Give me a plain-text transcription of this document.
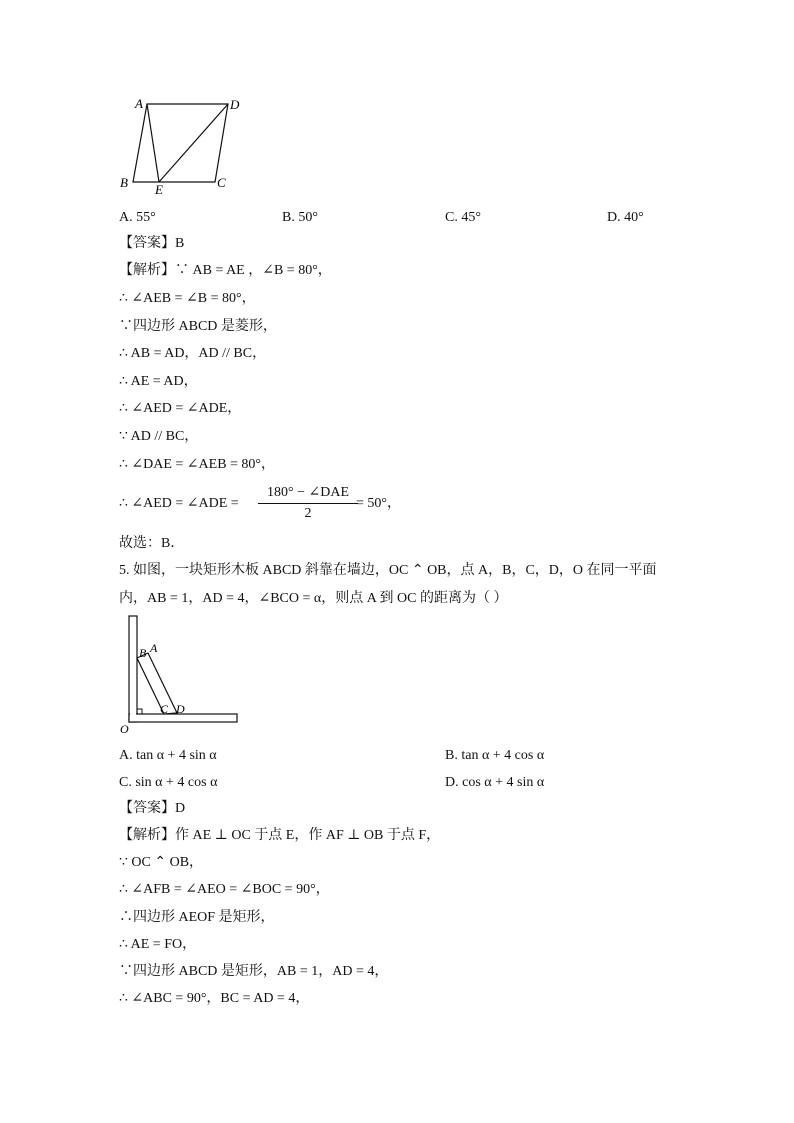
A	D
B E	C
A. 55°	B. 50°	C. 45°	D. 40°
【答案】B
【解析】∵ AB = AE ，∠B = 80°，
∴ ∠AEB = ∠B = 80°，
∵四边形 ABCD 是菱形，
∴ AB = AD，AD // BC，
∴ AE = AD，
∴ ∠AED = ∠ADE，
∵ AD // BC，
∴ ∠DAE = ∠AEB = 80°，
∴ ∠AED = ∠ADE =
180° − ∠DAE
2
= 50°，
故选：B．
5. 如图，一块矩形木板 ABCD 斜靠在墙边，OC ⌃ OB，点 A，B，C，D，O 在同一平面
内，AB = 1，AD = 4，∠BCO = α，则点 A 到 OC 的距离为（ ）
B A
C D
O
A. tan α + 4 sin α	B. tan α + 4 cos α
C. sin α + 4 cos α	D. cos α + 4 sin α
【答案】D
【解析】作 AE ⊥ OC 于点 E，作 AF ⊥ OB 于点 F，
∵ OC ⌃ OB，
∴ ∠AFB = ∠AEO = ∠BOC = 90°，
∴四边形 AEOF 是矩形，
∴ AE = FO，
∵四边形 ABCD 是矩形，AB = 1，AD = 4，
∴ ∠ABC = 90°，BC = AD = 4，
